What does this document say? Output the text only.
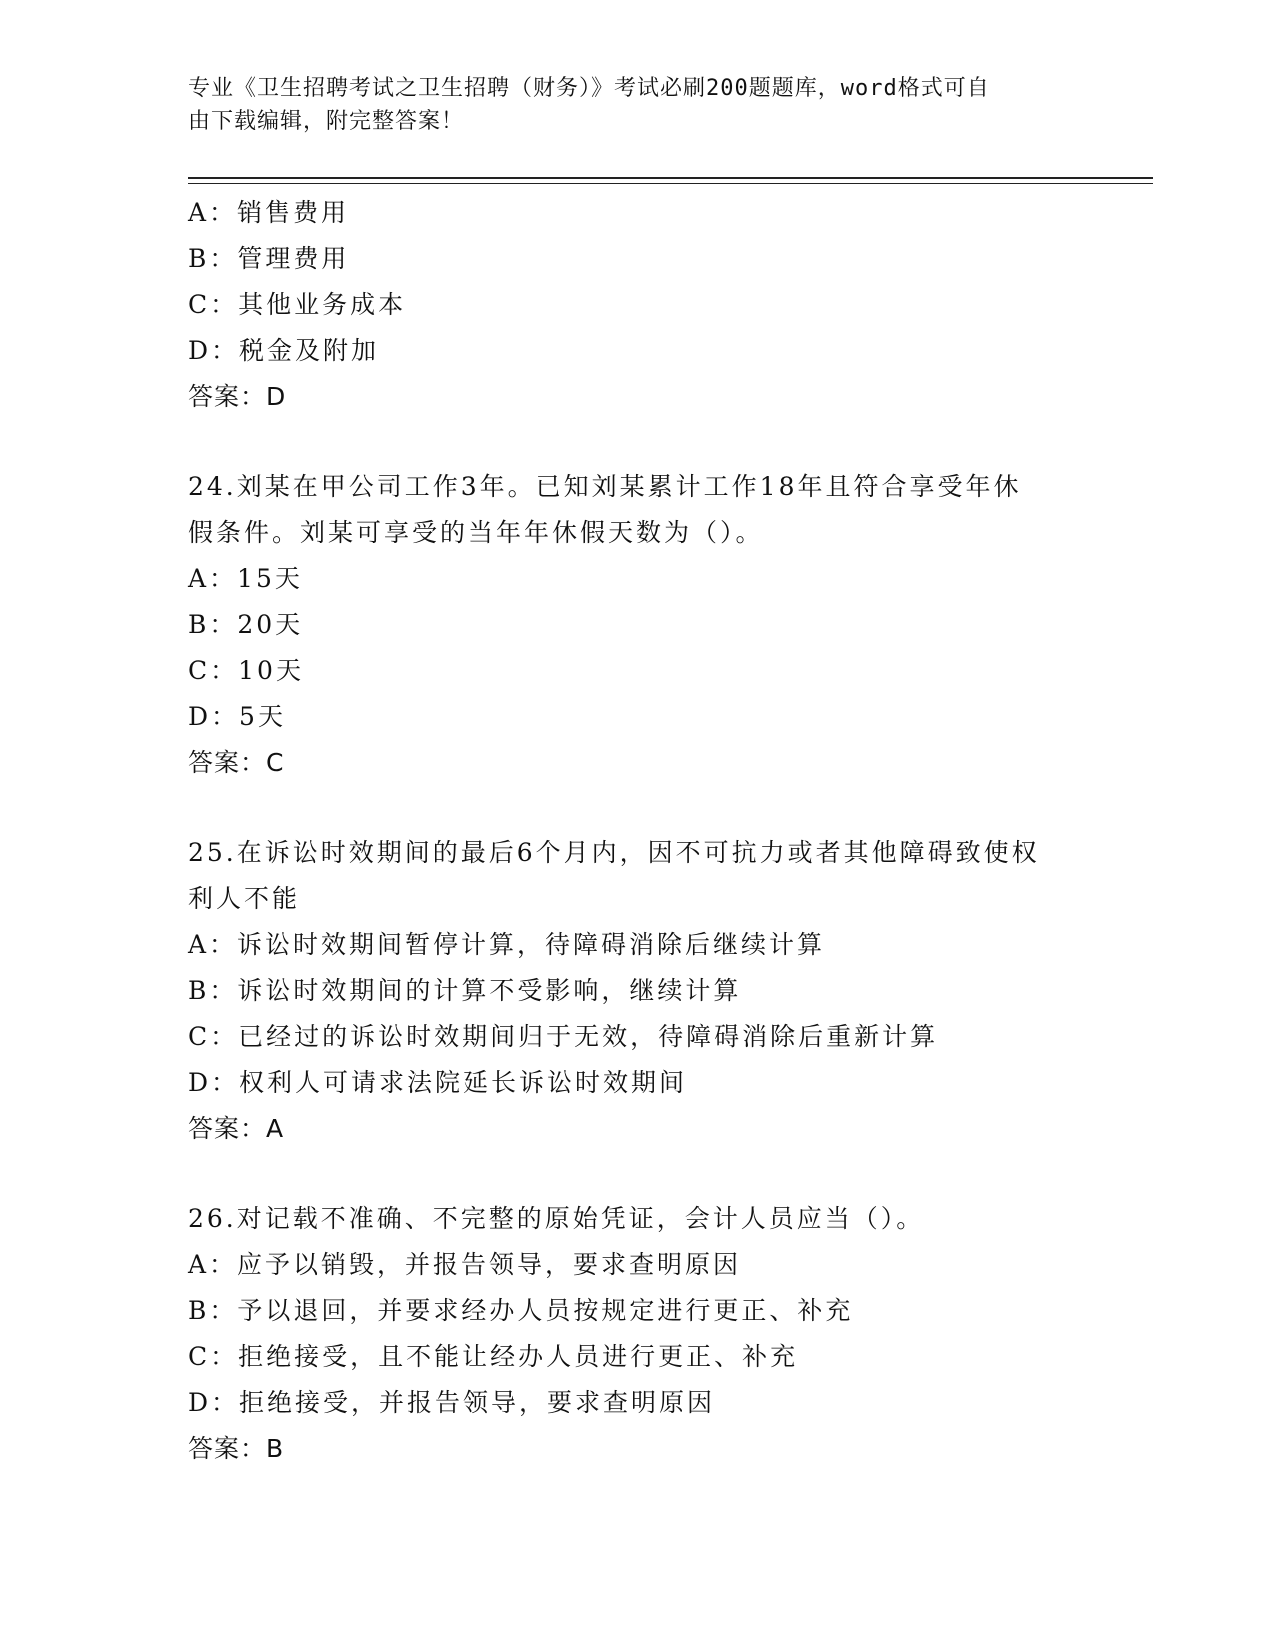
专业《卫生招聘考试之卫生招聘（财务）》考试必刷200题题库，word格式可自
由下载编辑，附完整答案！
A：销售费用
B：管理费用
C：其他业务成本
D：税金及附加
答案：D
24.刘某在甲公司工作3年。已知刘某累计工作18年且符合享受年休
假条件。刘某可享受的当年年休假天数为（）。
A：15天
B：20天
C：10天
D：5天
答案：C
25.在诉讼时效期间的最后6个月内，因不可抗力或者其他障碍致使权
利人不能
A：诉讼时效期间暂停计算，待障碍消除后继续计算
B：诉讼时效期间的计算不受影响，继续计算
C：已经过的诉讼时效期间归于无效，待障碍消除后重新计算
D：权利人可请求法院延长诉讼时效期间
答案：A
26.对记载不准确、不完整的原始凭证，会计人员应当（）。
A：应予以销毁，并报告领导，要求查明原因
B：予以退回，并要求经办人员按规定进行更正、补充
C：拒绝接受，且不能让经办人员进行更正、补充
D：拒绝接受，并报告领导，要求查明原因
答案：B
